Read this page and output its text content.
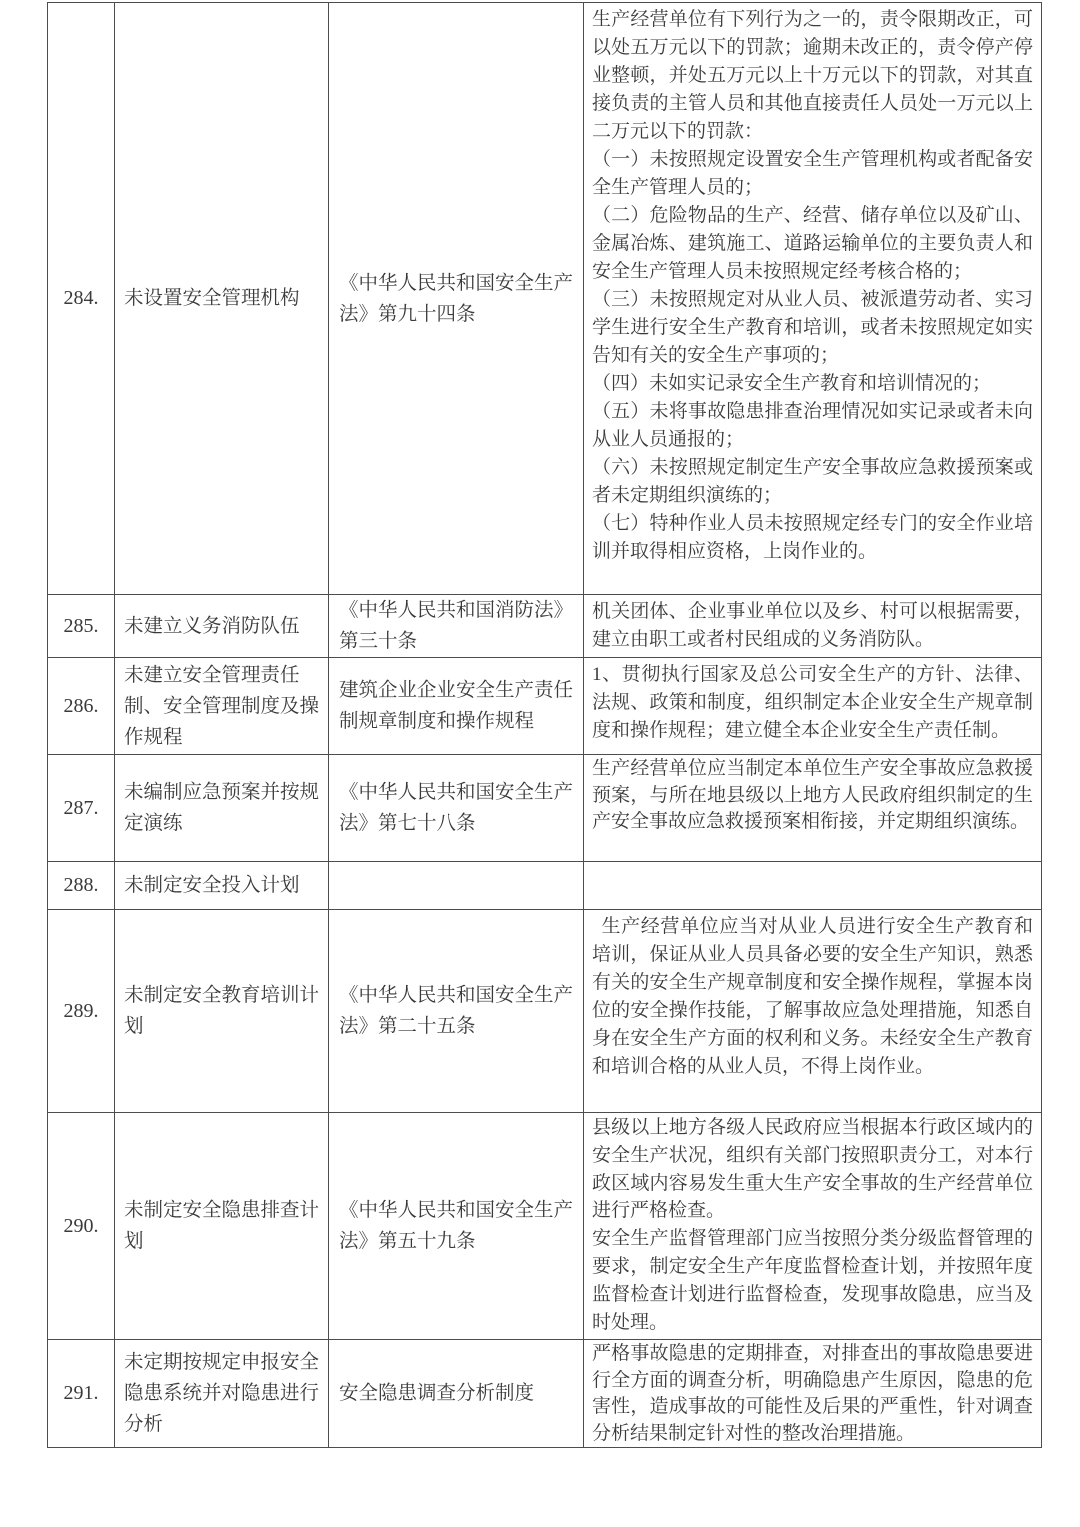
284.	未设置安全管理机构	《中华人民共和国安全生产法》第九十四条	
生产经营单位有下列行为之一的，责令限期改正，可以处五万元以下的罚款；逾期未改正的，责令停产停业整顿，并处五万元以上十万元以下的罚款，对其直接负责的主管人员和其他直接责任人员处一万元以上二万元以下的罚款：
（一）未按照规定设置安全生产管理机构或者配备安全生产管理人员的；
（二）危险物品的生产、经营、储存单位以及矿山、金属冶炼、建筑施工、道路运输单位的主要负责人和安全生产管理人员未按照规定经考核合格的；
（三）未按照规定对从业人员、被派遣劳动者、实习学生进行安全生产教育和培训，或者未按照规定如实告知有关的安全生产事项的；
（四）未如实记录安全生产教育和培训情况的；
（五）未将事故隐患排查治理情况如实记录或者未向从业人员通报的；
（六）未按照规定制定生产安全事故应急救援预案或者未定期组织演练的；
（七）特种作业人员未按照规定经专门的安全作业培训并取得相应资格，上岗作业的。

285.	未建立义务消防队伍	《中华人民共和国消防法》第三十条	机关团体、企业事业单位以及乡、村可以根据需要，建立由职工或者村民组成的义务消防队。

286.	未建立安全管理责任制、安全管理制度及操作规程	建筑企业企业安全生产责任制规章制度和操作规程	1、贯彻执行国家及总公司安全生产的方针、法律、法规、政策和制度，组织制定本企业安全生产规章制度和操作规程；建立健全本企业安全生产责任制。

287.	未编制应急预案并按规定演练	《中华人民共和国安全生产法》第七十八条	生产经营单位应当制定本单位生产安全事故应急救援预案，与所在地县级以上地方人民政府组织制定的生产安全事故应急救援预案相衔接，并定期组织演练。

288.	未制定安全投入计划		
289.	未制定安全教育培训计划	《中华人民共和国安全生产法》第二十五条	生产经营单位应当对从业人员进行安全生产教育和培训，保证从业人员具备必要的安全生产知识，熟悉有关的安全生产规章制度和安全操作规程，掌握本岗位的安全操作技能，了解事故应急处理措施，知悉自身在安全生产方面的权利和义务。未经安全生产教育和培训合格的从业人员，不得上岗作业。

290.	未制定安全隐患排查计划	《中华人民共和国安全生产法》第五十九条	县级以上地方各级人民政府应当根据本行政区域内的安全生产状况，组织有关部门按照职责分工，对本行政区域内容易发生重大生产安全事故的生产经营单位进行严格检查。
安全生产监督管理部门应当按照分类分级监督管理的要求，制定安全生产年度监督检查计划，并按照年度监督检查计划进行监督检查，发现事故隐患，应当及时处理。

291.	未定期按规定申报安全隐患系统并对隐患进行分析	安全隐患调查分析制度	严格事故隐患的定期排查，对排查出的事故隐患要进行全方面的调查分析，明确隐患产生原因，隐患的危害性，造成事故的可能性及后果的严重性，针对调查分析结果制定针对性的整改治理措施。
